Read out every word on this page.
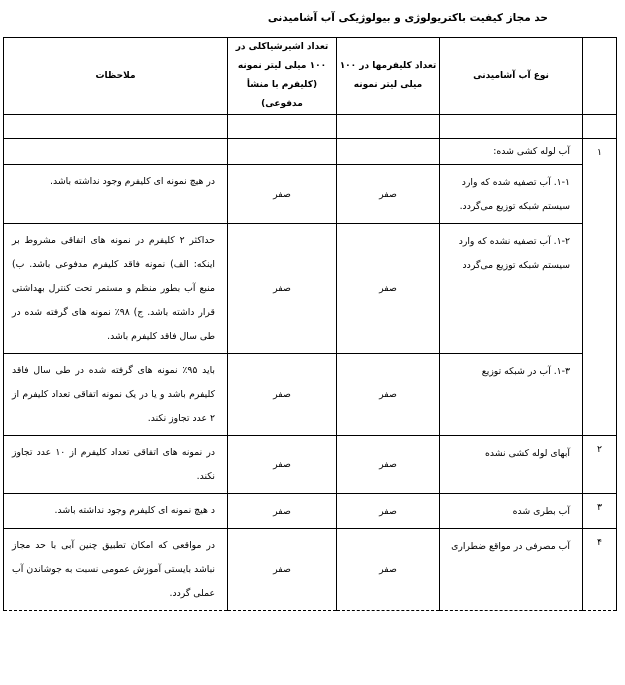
حد مجاز کیفیت باکتریولوژی و بیولوژیکی آب آشامیدنی
	نوع آب آشامیدنی	تعداد کلیفرمها در ۱۰۰ میلی لیتر نمونه	تعداد اشیرشیاکلی در ۱۰۰ میلی لیتر نمونه (کلیفرم با منشأ مدفوعی)	ملاحظات

۱	آب لوله کشی شده:			
	۱-۱. آب تصفیه شده که وارد سیستم شبکه توزیع می‌گردد.	صفر	صفر	در هیچ نمونه ای کلیفرم وجود نداشته باشد.
	۱-۲. آب تصفیه نشده که وارد سیستم شبکه توزیع می‌گردد	صفر	صفر	حداکثر ۲ کلیفرم در نمونه های اتفاقی مشروط بر اینکه: الف) نمونه فاقد کلیفرم مدفوعی باشد. ب) منبع آب بطور منظم و مستمر تحت کنترل بهداشتی قرار داشته باشد. ج) ۹۸٪ نمونه های گرفته شده در طی سال فاقد کلیفرم باشد.
	۱-۳. آب در شبکه توزیع	صفر	صفر	باید ۹۵٪ نمونه های گرفته شده در طی سال فاقد کلیفرم باشد و یا در یک نمونه اتفاقی تعداد کلیفرم از ۲ عدد تجاوز نکند.
۲	آبهای لوله کشی نشده	صفر	صفر	در نمونه های اتفاقی تعداد کلیفرم از ۱۰ عدد تجاوز نکند.
۳	آب بطری شده	صفر	صفر	د هیچ نمونه ای کلیفرم وجود نداشته باشد.
۴	آب مصرفی در مواقع ضطراری	صفر	صفر	در مواقعی که امکان تطبیق چنین آبی با حد مجاز نباشد بایستی آموزش عمومی نسبت به جوشاندن آب عملی گردد.
